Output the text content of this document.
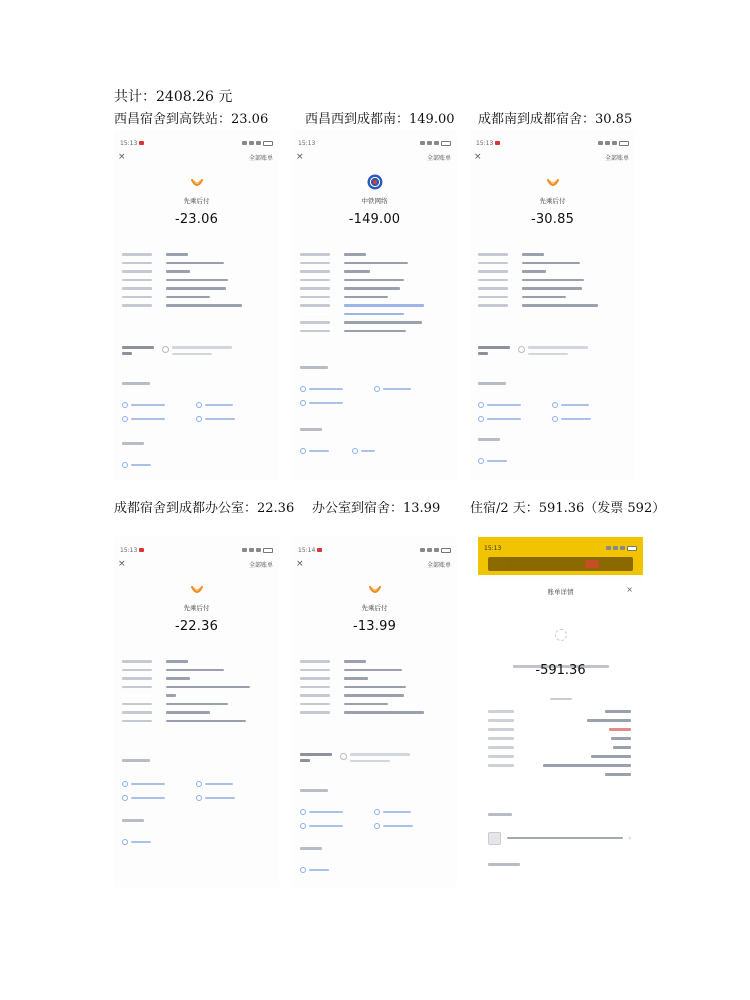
共计：2408.26 元
西昌宿舍到高铁站：23.06
15:13
×	全部账单
先乘后付
-23.06
西昌西到成都南：149.00
15:13
×	全部账单
中铁网络
-149.00
成都南到成都宿舍：30.85
15:13
×	全部账单
先乘后付
-30.85
成都宿舍到成都办公室：22.36
15:13
×	全部账单
先乘后付
-22.36
办公室到宿舍：13.99
15:14
×	全部账单
先乘后付
-13.99
住宿/2 天：591.36（发票 592）
15:13
账单详情	×
-591.36
›
